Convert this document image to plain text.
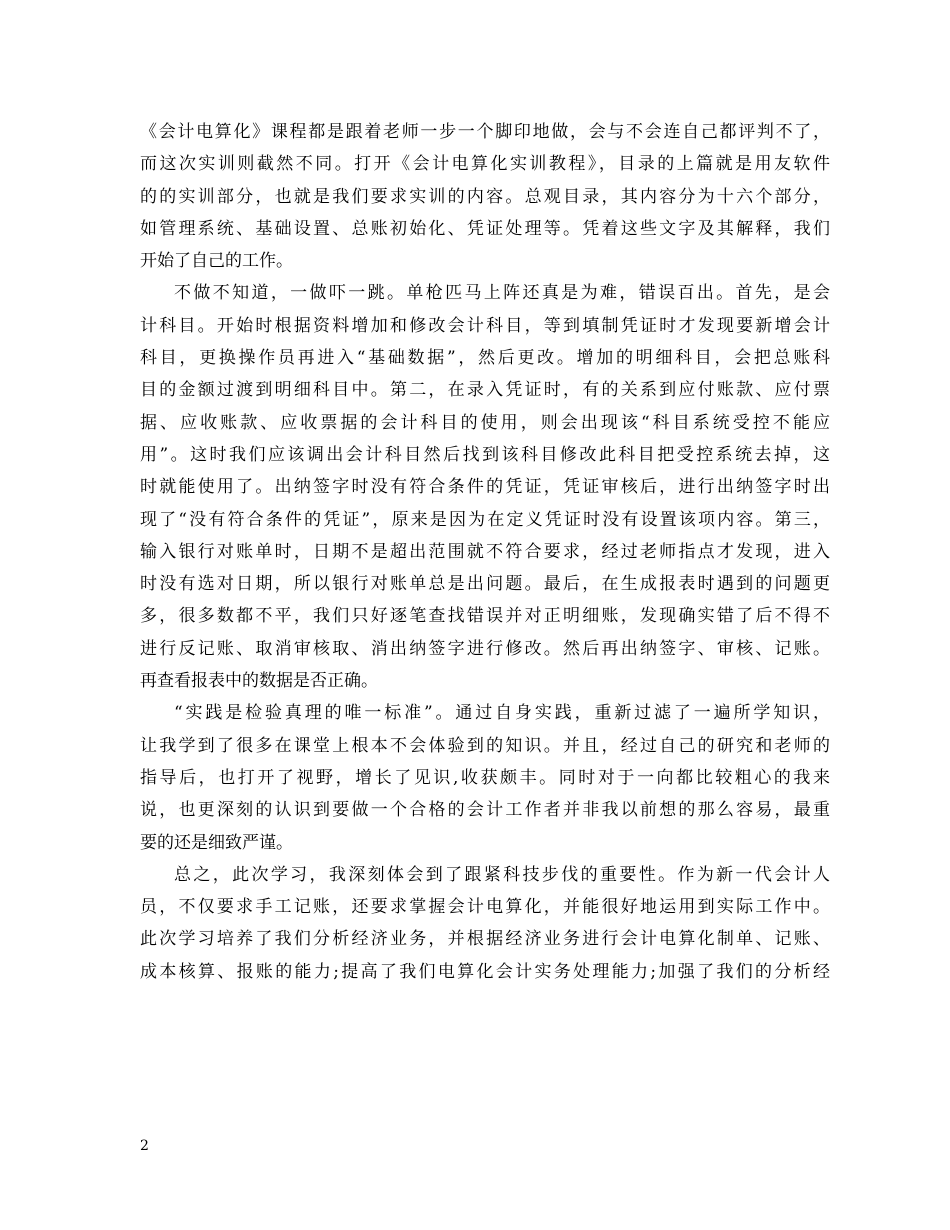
《会计电算化》课程都是跟着老师一步一个脚印地做，会与不会连自己都评判不了，
而这次实训则截然不同。打开《会计电算化实训教程》，目录的上篇就是用友软件
的的实训部分，也就是我们要求实训的内容。总观目录，其内容分为十六个部分，
如管理系统、基础设置、总账初始化、凭证处理等。凭着这些文字及其解释，我们
开始了自己的工作。
不做不知道，一做吓一跳。单枪匹马上阵还真是为难，错误百出。首先，是会
计科目。开始时根据资料增加和修改会计科目，等到填制凭证时才发现要新增会计
科目，更换操作员再进入“基础数据”，然后更改。增加的明细科目，会把总账科
目的金额过渡到明细科目中。第二，在录入凭证时，有的关系到应付账款、应付票
据、应收账款、应收票据的会计科目的使用，则会出现该“科目系统受控不能应
用”。这时我们应该调出会计科目然后找到该科目修改此科目把受控系统去掉，这
时就能使用了。出纳签字时没有符合条件的凭证，凭证审核后，进行出纳签字时出
现了“没有符合条件的凭证”，原来是因为在定义凭证时没有设置该项内容。第三，
输入银行对账单时，日期不是超出范围就不符合要求，经过老师指点才发现，进入
时没有选对日期，所以银行对账单总是出问题。最后，在生成报表时遇到的问题更
多，很多数都不平，我们只好逐笔查找错误并对正明细账，发现确实错了后不得不
进行反记账、取消审核取、消出纳签字进行修改。然后再出纳签字、审核、记账。
再查看报表中的数据是否正确。
“实践是检验真理的唯一标准”。通过自身实践，重新过滤了一遍所学知识，
让我学到了很多在课堂上根本不会体验到的知识。并且，经过自己的研究和老师的
指导后，也打开了视野，增长了见识,收获颇丰。同时对于一向都比较粗心的我来
说，也更深刻的认识到要做一个合格的会计工作者并非我以前想的那么容易，最重
要的还是细致严谨。
总之，此次学习，我深刻体会到了跟紧科技步伐的重要性。作为新一代会计人
员，不仅要求手工记账，还要求掌握会计电算化，并能很好地运用到实际工作中。
此次学习培养了我们分析经济业务，并根据经济业务进行会计电算化制单、记账、
成本核算、报账的能力;提高了我们电算化会计实务处理能力;加强了我们的分析经
2
